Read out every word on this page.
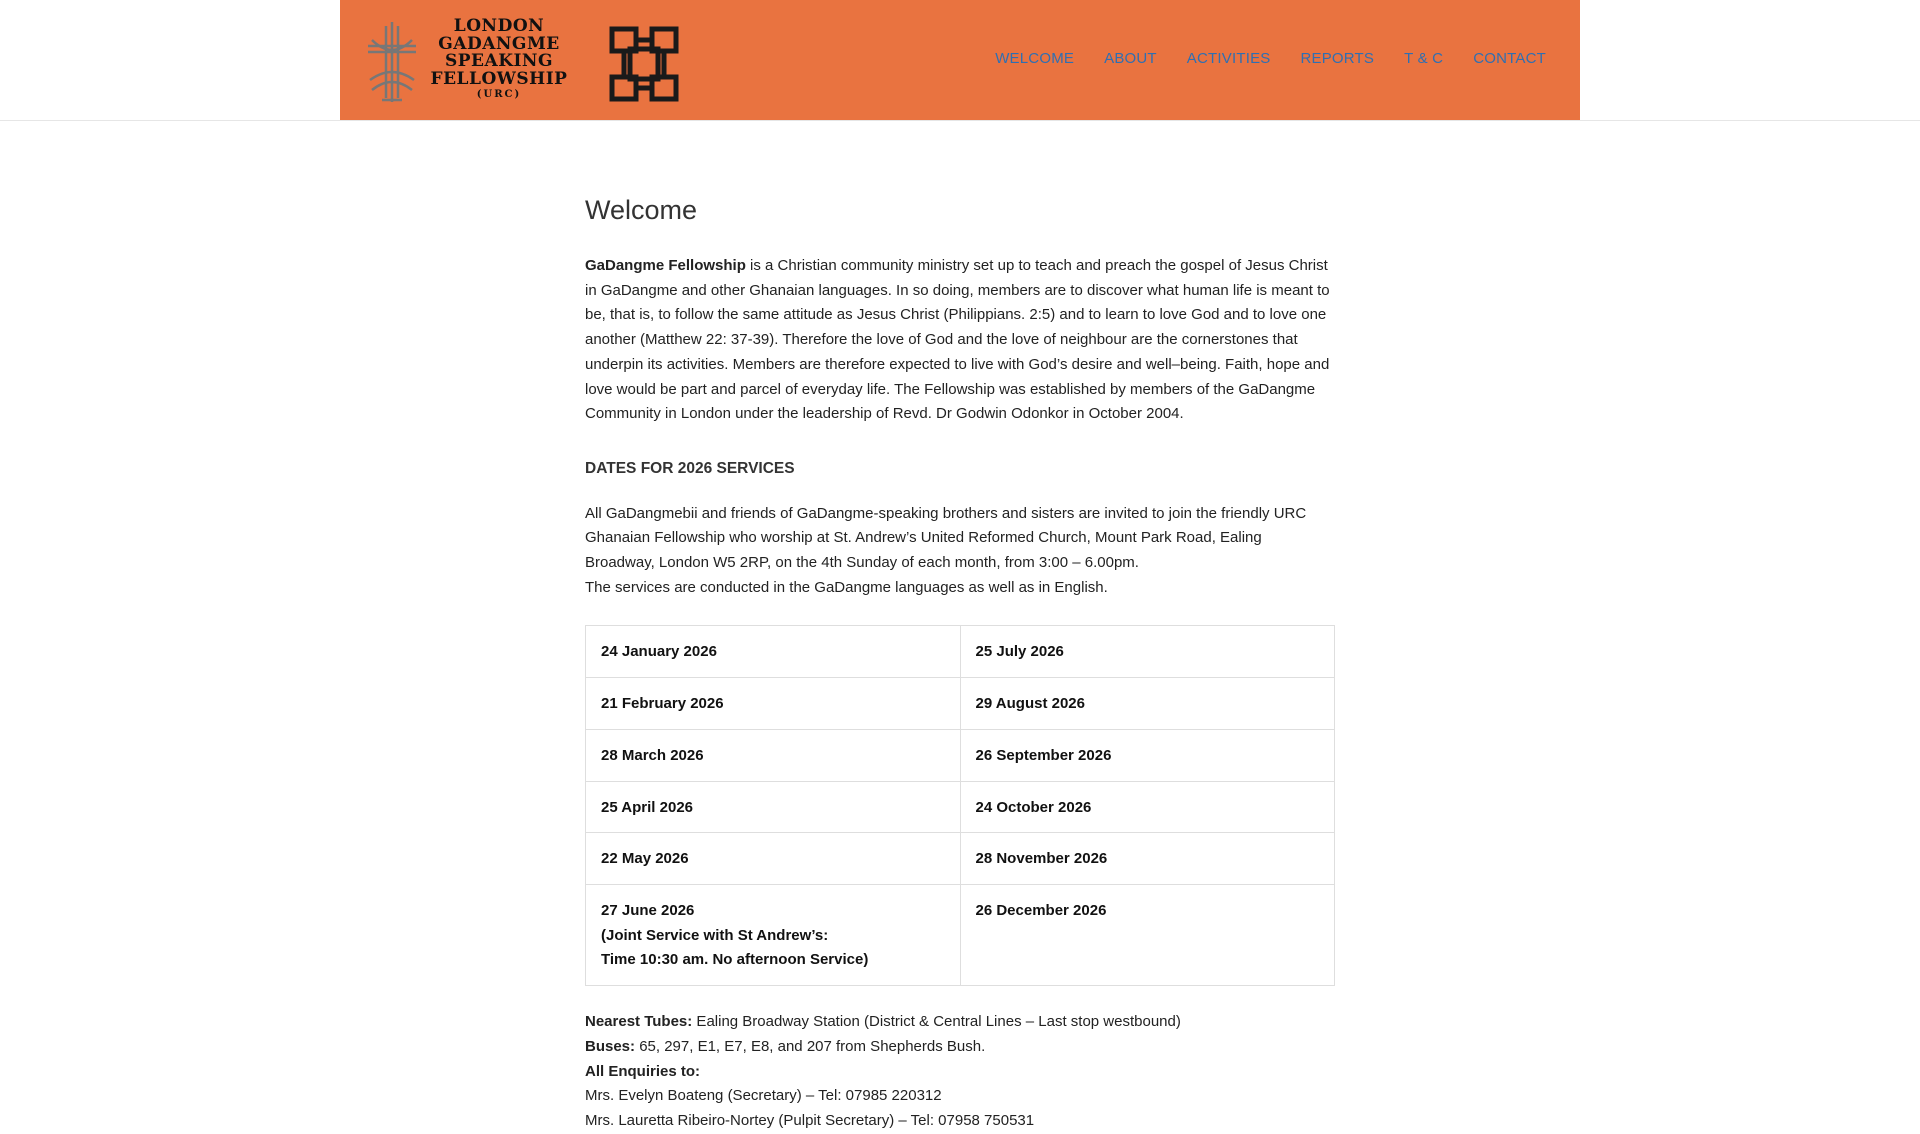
LONDON
GADANGME
SPEAKING
FELLOWSHIP
(URC)
WELCOME ABOUT ACTIVITIES REPORTS T & C CONTACT
Welcome

GaDangme Fellowship is a Christian community ministry set up to teach and preach the gospel of Jesus Christ in GaDangme and other Ghanaian languages. In so doing, members are to discover what human life is meant to be, that is, to follow the same attitude as Jesus Christ (Philippians. 2:5) and to learn to love God and to love one another (Matthew 22: 37-39). Therefore the love of God and the love of neighbour are the cornerstones that underpin its activities. Members are therefore expected to live with God’s desire and well–being. Faith, hope and love would be part and parcel of everyday life. The Fellowship was established by members of the GaDangme Community in London under the leadership of Revd. Dr Godwin Odonkor in October 2004.

DATES FOR 2026 SERVICES

All GaDangmebii and friends of GaDangme-speaking brothers and sisters are invited to join the friendly URC Ghanaian Fellowship who worship at St. Andrew’s United Reformed Church, Mount Park Road, Ealing Broadway, London W5 2RP, on the 4th Sunday of each month, from 3:00 – 6.00pm.

The services are conducted in the GaDangme languages as well as in English.

24 January 2026	25 July 2026
21 February 2026	29 August 2026
28 March 2026	26 September 2026
25 April 2026	24 October 2026
22 May 2026	28 November 2026

27 June 2026
(Joint Service with St Andrew’s:
Time 10:30 am. No afternoon Service)	26 December 2026

Nearest Tubes: Ealing Broadway Station (District & Central Lines – Last stop westbound)

Buses: 65, 297, E1, E7, E8, and 207 from Shepherds Bush.

All Enquiries to:

Mrs. Evelyn Boateng (Secretary) – Tel: 07985 220312

Mrs. Lauretta Ribeiro-Nortey (Pulpit Secretary) – Tel: 07958 750531
